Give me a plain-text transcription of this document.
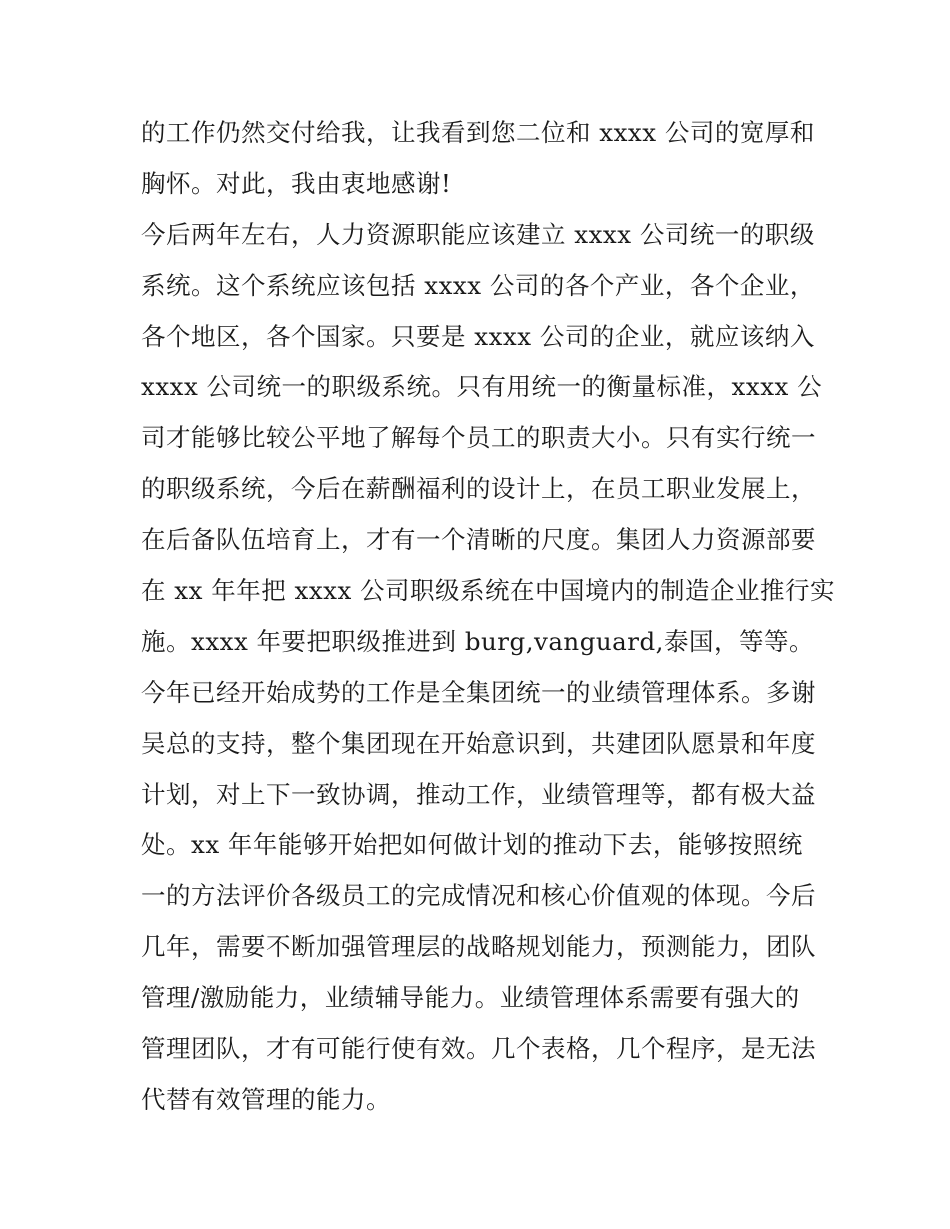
的工作仍然交付给我，让我看到您二位和 xxxx 公司的宽厚和
胸怀。对此，我由衷地感谢!
今后两年左右，人力资源职能应该建立 xxxx 公司统一的职级
系统。这个系统应该包括 xxxx 公司的各个产业，各个企业，
各个地区，各个国家。只要是 xxxx 公司的企业，就应该纳入
xxxx 公司统一的职级系统。只有用统一的衡量标准，xxxx 公
司才能够比较公平地了解每个员工的职责大小。只有实行统一
的职级系统，今后在薪酬福利的设计上，在员工职业发展上，
在后备队伍培育上，才有一个清晰的尺度。集团人力资源部要
在 xx 年年把 xxxx 公司职级系统在中国境内的制造企业推行实
施。xxxx 年要把职级推进到 burg,vanguard,泰国，等等。
今年已经开始成势的工作是全集团统一的业绩管理体系。多谢
吴总的支持，整个集团现在开始意识到，共建团队愿景和年度
计划，对上下一致协调，推动工作，业绩管理等，都有极大益
处。xx 年年能够开始把如何做计划的推动下去，能够按照统
一的方法评价各级员工的完成情况和核心价值观的体现。今后
几年，需要不断加强管理层的战略规划能力，预测能力，团队
管理/激励能力，业绩辅导能力。业绩管理体系需要有强大的
管理团队，才有可能行使有效。几个表格，几个程序，是无法
代替有效管理的能力。
